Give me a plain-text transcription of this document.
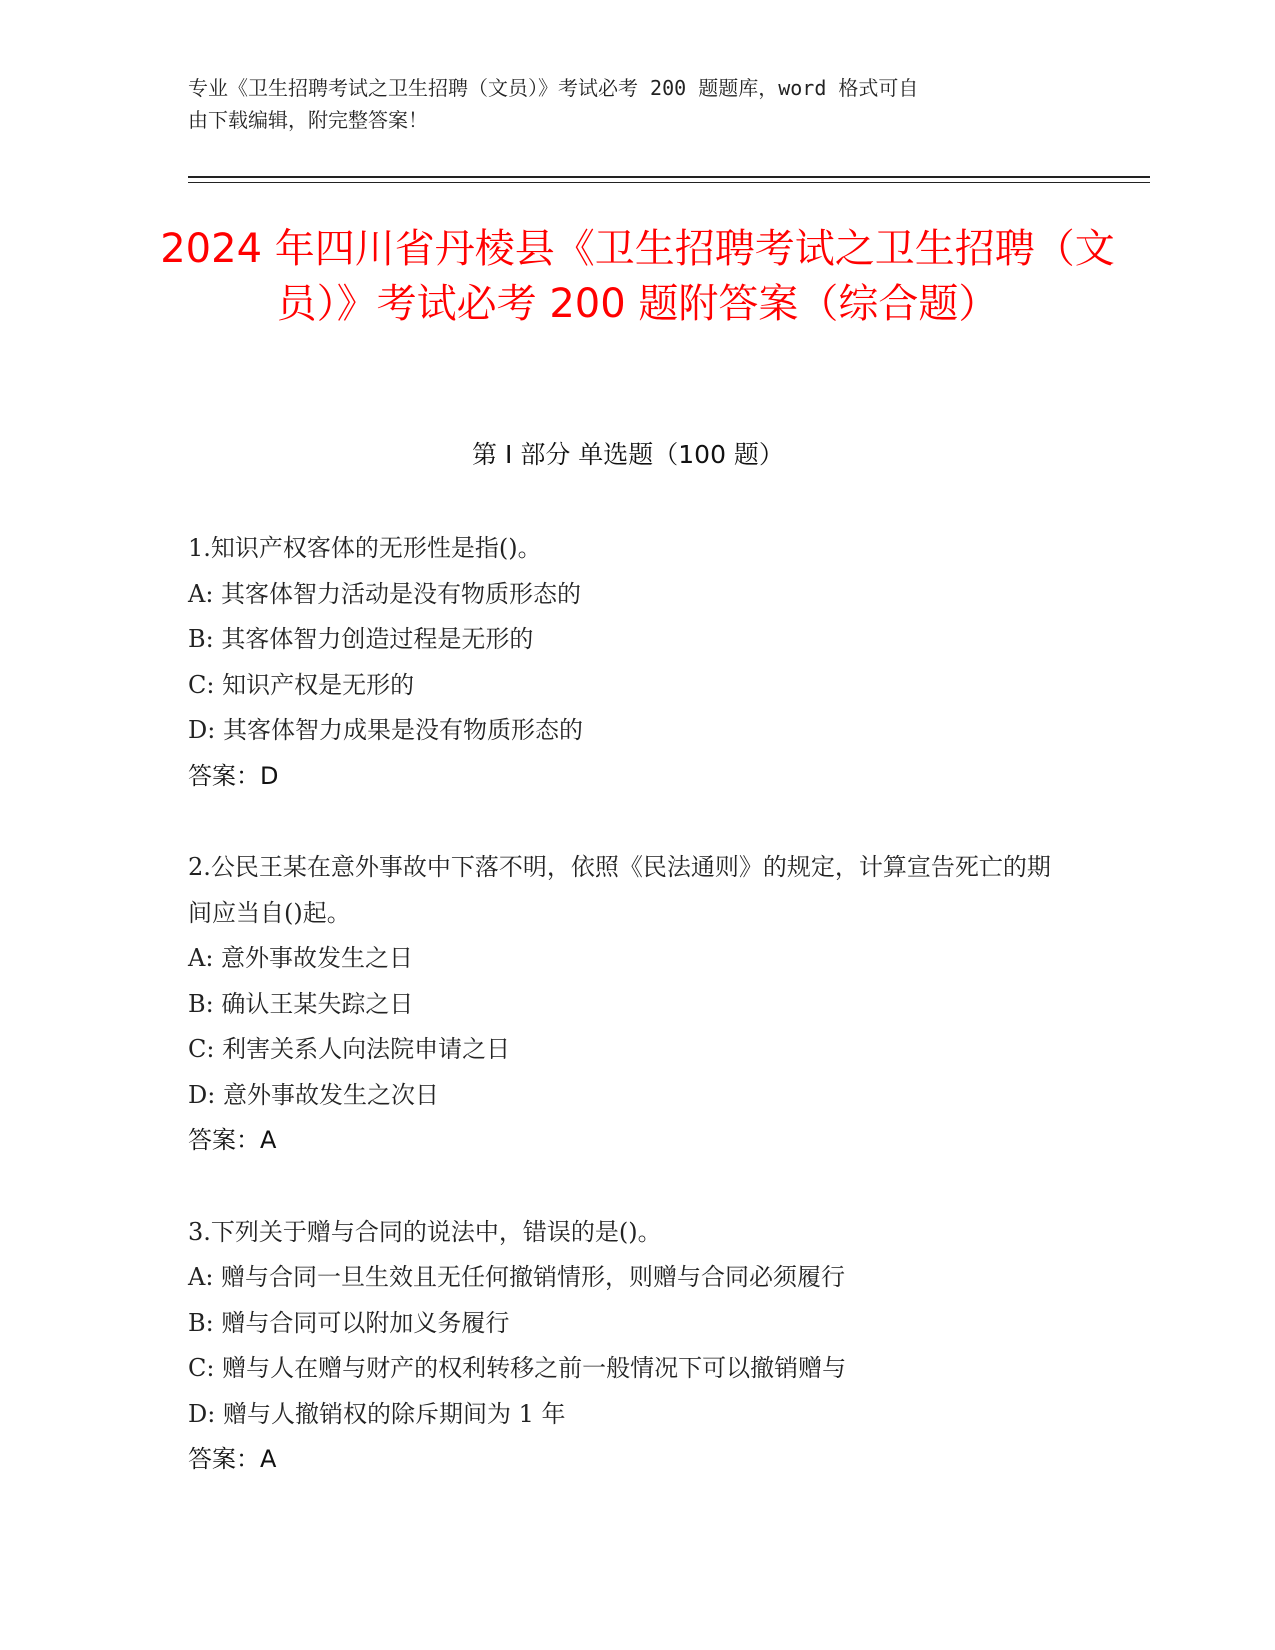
专业《卫生招聘考试之卫生招聘（文员）》考试必考 200 题题库，word 格式可自
由下载编辑，附完整答案！
2024 年四川省丹棱县《卫生招聘考试之卫生招聘（文员）》考试必考 200 题附答案（综合题）
第 I 部分 单选题（100 题）
1.知识产权客体的无形性是指()。
A: 其客体智力活动是没有物质形态的
B: 其客体智力创造过程是无形的
C: 知识产权是无形的
D: 其客体智力成果是没有物质形态的
答案：D
2.公民王某在意外事故中下落不明，依照《民法通则》的规定，计算宣告死亡的期间应当自()起。
A: 意外事故发生之日
B: 确认王某失踪之日
C: 利害关系人向法院申请之日
D: 意外事故发生之次日
答案：A
3.下列关于赠与合同的说法中，错误的是()。
A: 赠与合同一旦生效且无任何撤销情形，则赠与合同必须履行
B: 赠与合同可以附加义务履行
C: 赠与人在赠与财产的权利转移之前一般情况下可以撤销赠与
D: 赠与人撤销权的除斥期间为 1 年
答案：A
